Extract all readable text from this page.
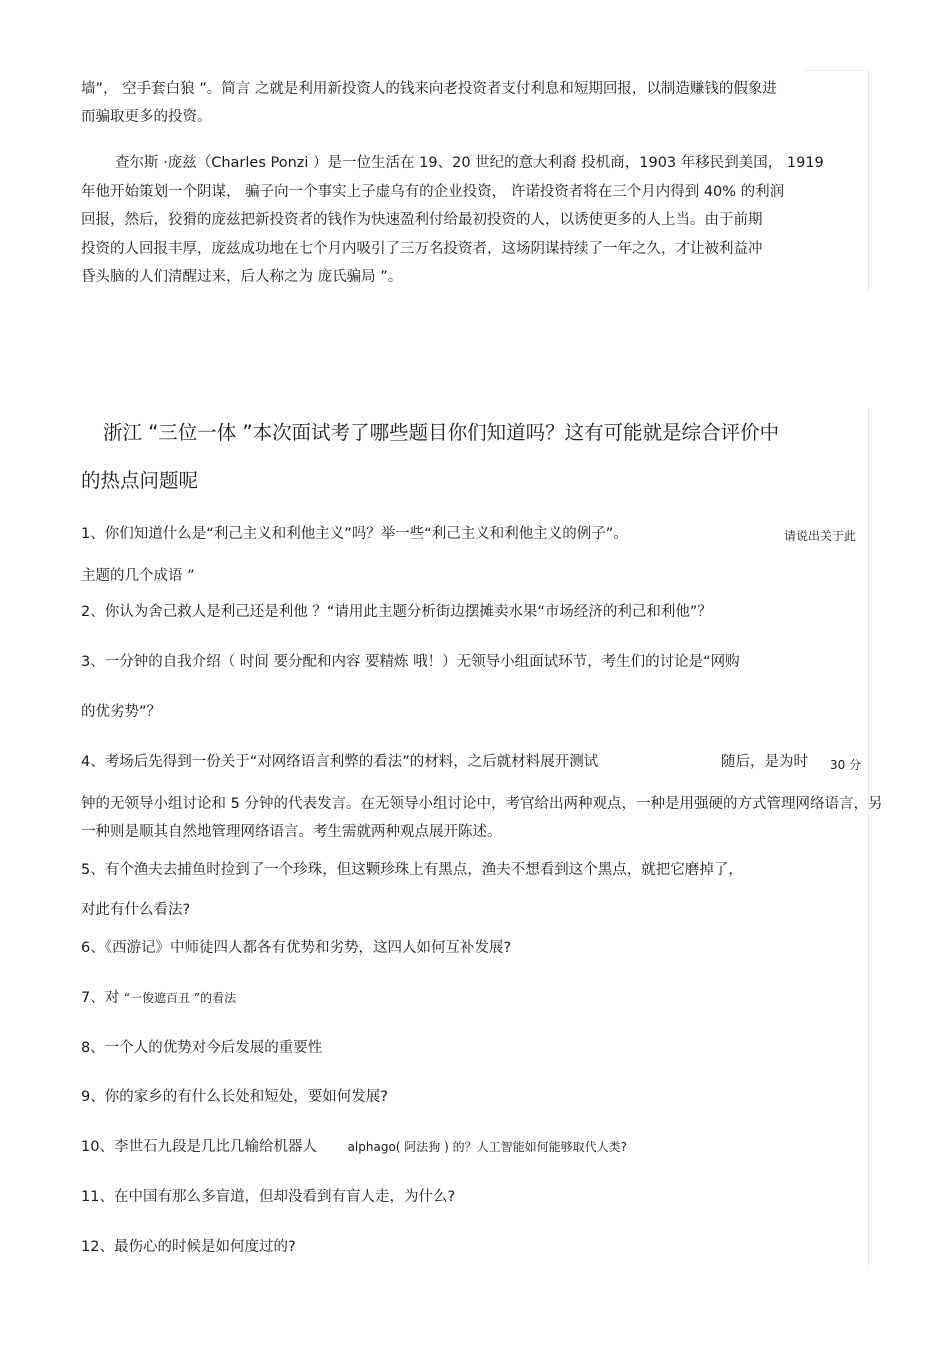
墙”， 空手套白狼 ”。简言 之就是利用新投资人的钱来向老投资者支付利息和短期回报，以制造赚钱的假象进
而骗取更多的投资。
查尔斯 ·庞兹（Charles Ponzi ）是一位生活在 19、20 世纪的意大利裔 投机商，1903 年移民到美国， 1919
年他开始策划一个阴谋， 骗子向一个事实上子虚乌有的企业投资， 许诺投资者将在三个月内得到 40% 的利润
回报，然后，狡猾的庞兹把新投资者的钱作为快速盈利付给最初投资的人，以诱使更多的人上当。由于前期
投资的人回报丰厚，庞兹成功地在七个月内吸引了三万名投资者，这场阴谋持续了一年之久，才让被利益冲
昏头脑的人们清醒过来，后人称之为 庞氏骗局 ”。
浙江 “三位一体 ”本次面试考了哪些题目你们知道吗？这有可能就是综合评价中
的热点问题呢
1、你们知道什么是“利己主义和利他主义”吗？举一些“利己主义和利他主义的例子”。	请说出关于此
主题的几个成语 ”
2、你认为舍己救人是利己还是利他 ？“请用此主题分析街边摆摊卖水果“市场经济的利己和利他”？
3、一分钟的自我介绍（ 时间 要分配和内容 要精炼 哦！）无领导小组面试环节，考生们的讨论是“网购
的优劣势”？
4、考场后先得到一份关于“对网络语言利弊的看法”的材料，之后就材料展开测试	随后，是为时 30 分
钟的无领导小组讨论和 5 分钟的代表发言。在无领导小组讨论中，考官给出两种观点，一种是用强硬的方式管理网络语言，另
一种则是顺其自然地管理网络语言。考生需就两种观点展开陈述。
5、有个渔夫去捕鱼时捡到了一个珍珠，但这颗珍珠上有黑点，渔夫不想看到这个黑点，就把它磨掉了，
对此有什么看法?
6、《西游记》中师徒四人都各有优势和劣势，这四人如何互补发展?
7、对 “一俊遮百丑 ”的看法
8、一个人的优势对今后发展的重要性
9、你的家乡的有什么长处和短处，要如何发展?
10、李世石九段是几比几输给机器人	alphago( 阿法狗 ) 的？人工智能如何能够取代人类?
11、在中国有那么多盲道，但却没看到有盲人走，为什么?
12、最伤心的时候是如何度过的?
